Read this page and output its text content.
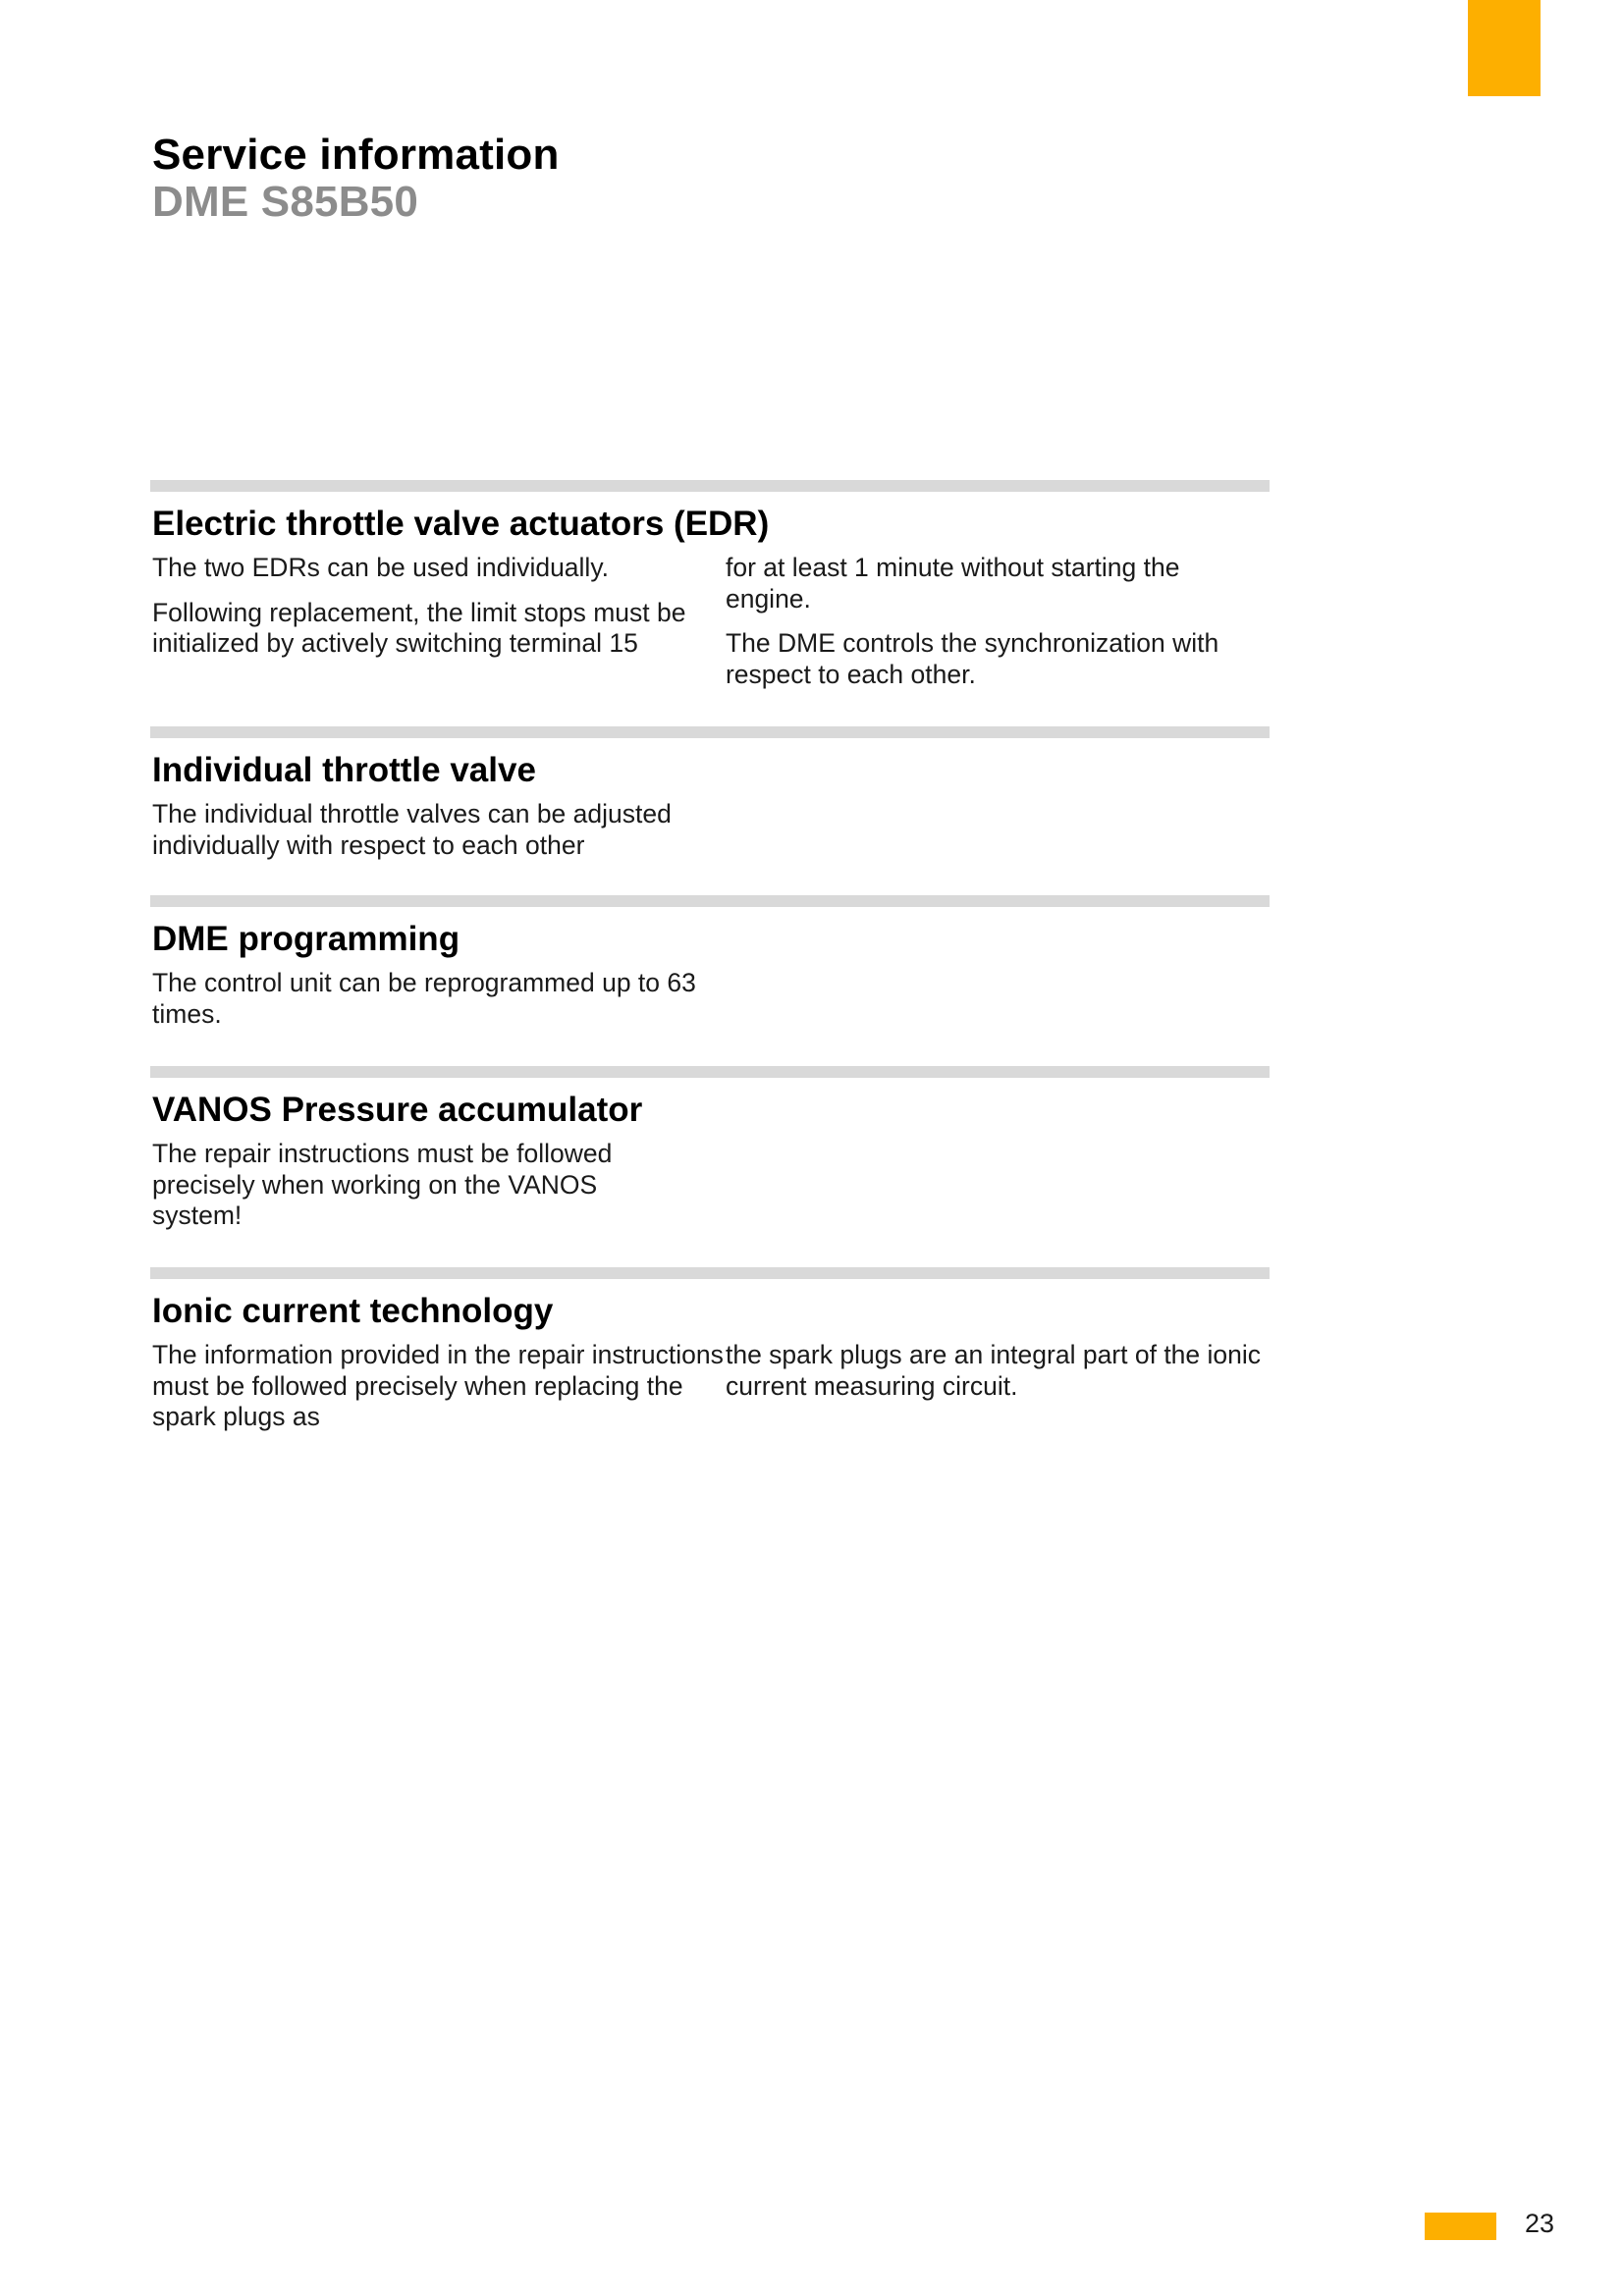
Service information
DME S85B50
Electric throttle valve actuators (EDR)

The two EDRs can be used individually.

Following replacement, the limit stops must be initialized by actively switching terminal 15

for at least 1 minute without starting the engine.

The DME controls the synchronization with respect to each other.

Individual throttle valve

The individual throttle valves can be adjusted individually with respect to each other

DME programming

The control unit can be reprogrammed up to 63 times.

VANOS Pressure accumulator

The repair instructions must be followed precisely when working on the VANOS system!

Ionic current technology

The information provided in the repair instructions must be followed precisely when replacing the spark plugs as

the spark plugs are an integral part of the ionic current measuring circuit.

23
